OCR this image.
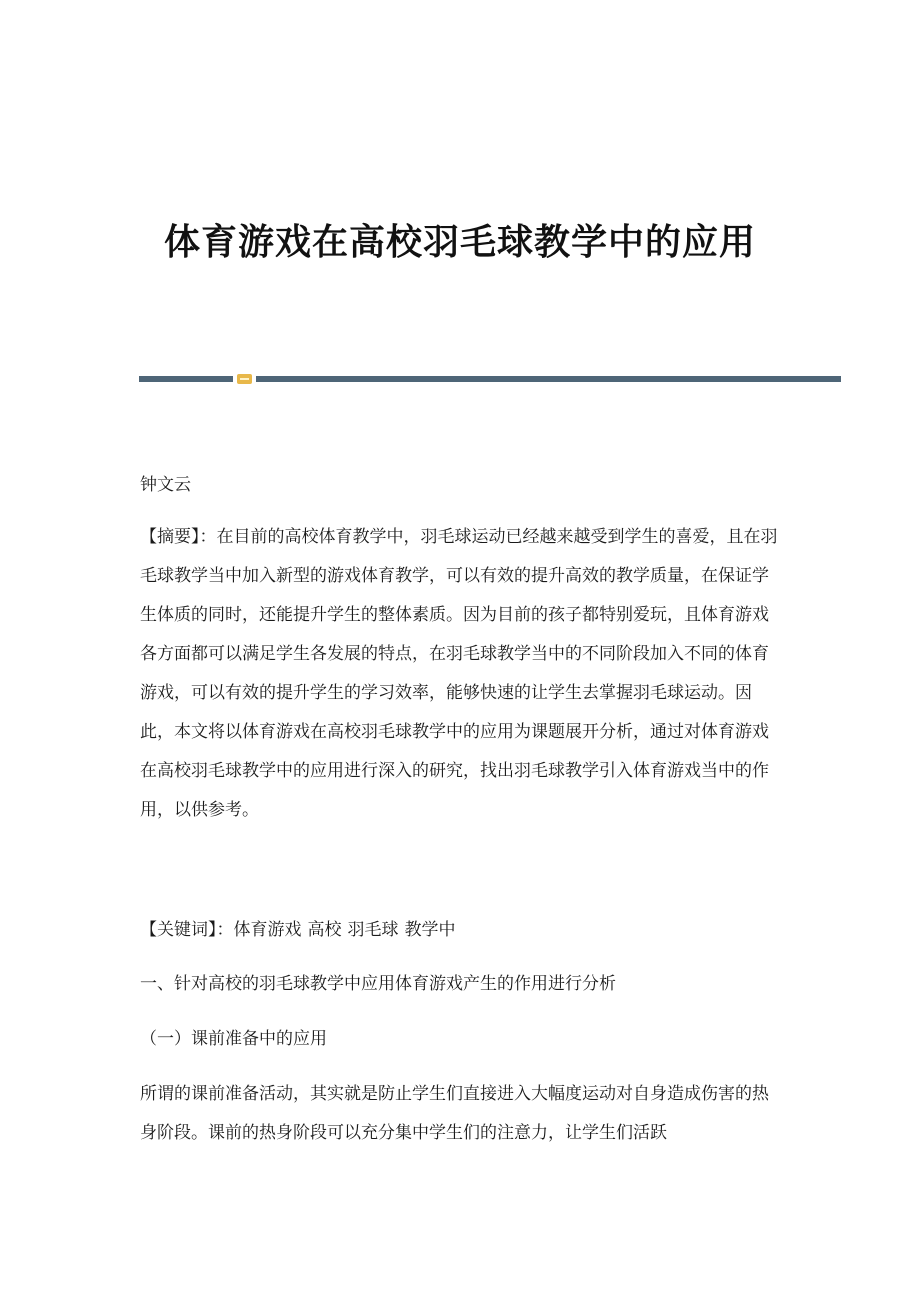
体育游戏在高校羽毛球教学中的应用
钟文云
【摘要】：在目前的高校体育教学中，羽毛球运动已经越来越受到学生的喜爱，且在羽毛球教学当中加入新型的游戏体育教学，可以有效的提升高效的教学质量，在保证学生体质的同时，还能提升学生的整体素质。因为目前的孩子都特别爱玩，且体育游戏各方面都可以满足学生各发展的特点，在羽毛球教学当中的不同阶段加入不同的体育游戏，可以有效的提升学生的学习效率，能够快速的让学生去掌握羽毛球运动。因此，本文将以体育游戏在高校羽毛球教学中的应用为课题展开分析，通过对体育游戏在高校羽毛球教学中的应用进行深入的研究，找出羽毛球教学引入体育游戏当中的作用，以供参考。
【关键词】：体育游戏 高校 羽毛球 教学中
一、针对高校的羽毛球教学中应用体育游戏产生的作用进行分析
（一）课前准备中的应用
所谓的课前准备活动，其实就是防止学生们直接进入大幅度运动对自身造成伤害的热身阶段。课前的热身阶段可以充分集中学生们的注意力，让学生们活跃
